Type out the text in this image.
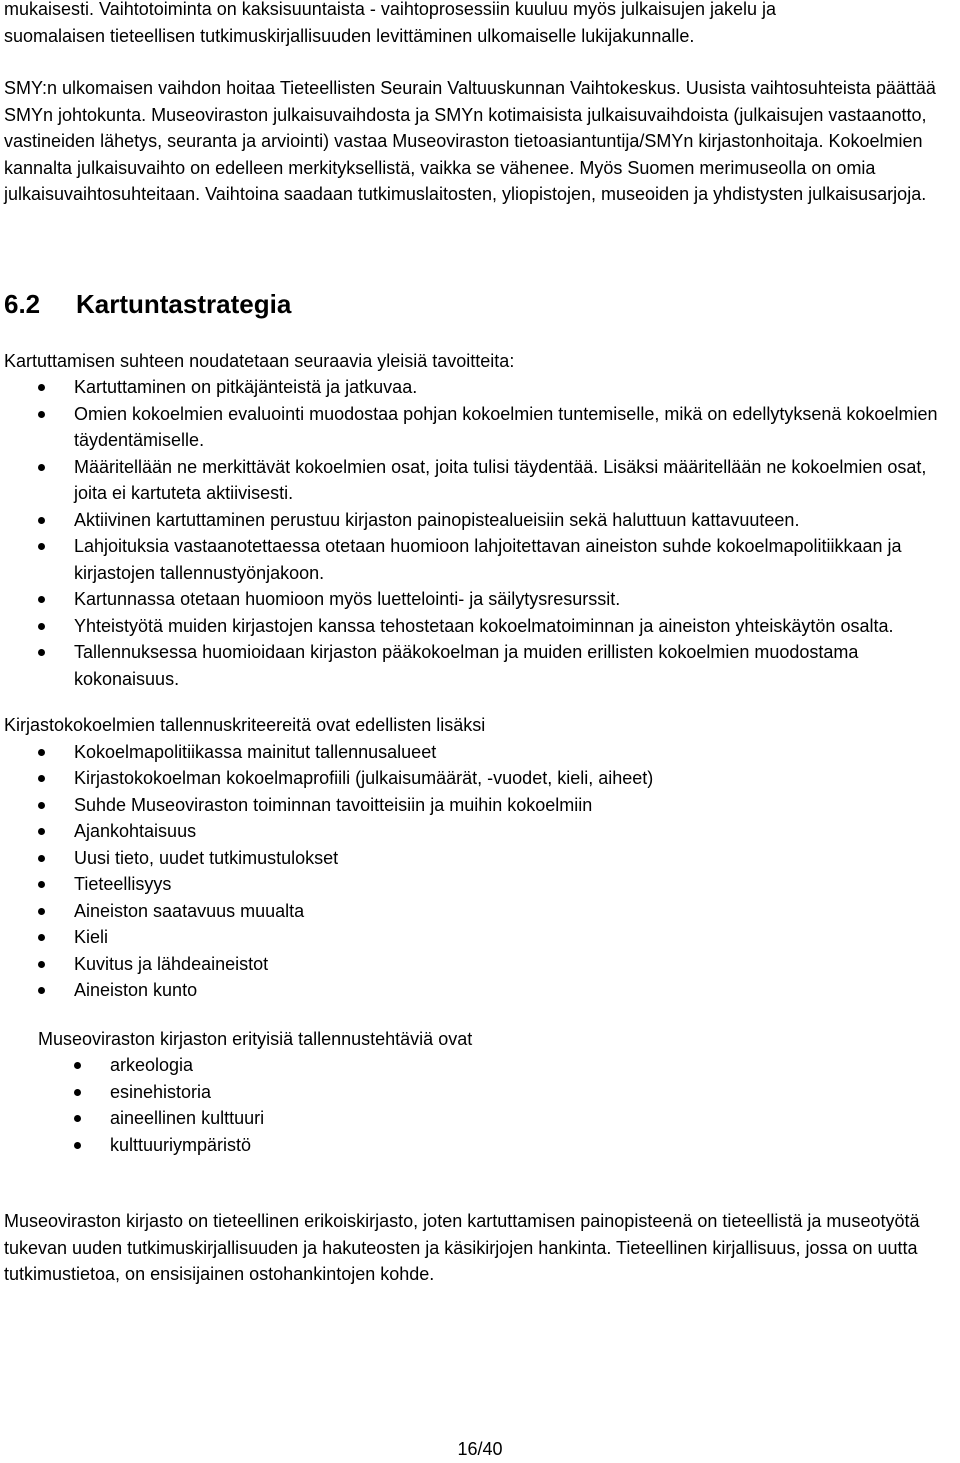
mukaisesti. Vaihtotoiminta on kaksisuuntaista - vaihtoprosessiin kuuluu myös julkaisujen jakelu ja

suomalaisen tieteellisen tutkimuskirjallisuuden levittäminen ulkomaiselle lukijakunnalle.

SMY:n ulkomaisen vaihdon hoitaa Tieteellisten Seurain Valtuuskunnan Vaihtokeskus. Uusista vaihtosuhteista päättää SMYn johtokunta. Museoviraston julkaisuvaihdosta ja SMYn kotimaisista julkaisuvaihdoista (julkaisujen vastaanotto, vastineiden lähetys, seuranta ja arviointi) vastaa Museoviraston tietoasiantuntija/SMYn kirjastonhoitaja. Kokoelmien kannalta julkaisuvaihto on edelleen merkityksellistä, vaikka se vähenee. Myös Suomen merimuseolla on omia julkaisuvaihtosuhteitaan. Vaihtoina saadaan tutkimuslaitosten, yliopistojen, museoiden ja yhdistysten julkaisusarjoja.

6.2	Kartuntastrategia

Kartuttamisen suhteen noudatetaan seuraavia yleisiä tavoitteita:

Kartuttaminen on pitkäjänteistä ja jatkuvaa.
Omien kokoelmien evaluointi muodostaa pohjan kokoelmien tuntemiselle, mikä on edellytyksenä kokoelmien täydentämiselle.
Määritellään ne merkittävät kokoelmien osat, joita tulisi täydentää. Lisäksi määritellään ne kokoelmien osat, joita ei kartuteta aktiivisesti.
Aktiivinen kartuttaminen perustuu kirjaston painopistealueisiin sekä haluttuun kattavuuteen.
Lahjoituksia vastaanotettaessa otetaan huomioon lahjoitettavan aineiston suhde kokoelmapolitiikkaan ja kirjastojen tallennustyönjakoon.
Kartunnassa otetaan huomioon myös luettelointi- ja säilytysresurssit.
Yhteistyötä muiden kirjastojen kanssa tehostetaan kokoelmatoiminnan ja aineiston yhteiskäytön osalta.
Tallennuksessa huomioidaan kirjaston pääkokoelman ja muiden erillisten kokoelmien muodostama kokonaisuus.

Kirjastokokoelmien tallennuskriteereitä ovat edellisten lisäksi

Kokoelmapolitiikassa mainitut tallennusalueet
Kirjastokokoelman kokoelmaprofiili (julkaisumäärät, -vuodet, kieli, aiheet)
Suhde Museoviraston toiminnan tavoitteisiin ja muihin kokoelmiin
Ajankohtaisuus
Uusi tieto, uudet tutkimustulokset
Tieteellisyys
Aineiston saatavuus muualta
Kieli
Kuvitus ja lähdeaineistot
Aineiston kunto

Museoviraston kirjaston erityisiä tallennustehtäviä ovat

arkeologia
esinehistoria
aineellinen kulttuuri
kulttuuriympäristö

Museoviraston kirjasto on tieteellinen erikoiskirjasto, joten kartuttamisen painopisteenä on tieteellistä ja museotyötä tukevan uuden tutkimuskirjallisuuden ja hakuteosten ja käsikirjojen hankinta. Tieteellinen kirjallisuus, jossa on uutta tutkimustietoa, on ensisijainen ostohankintojen kohde.

16/40
